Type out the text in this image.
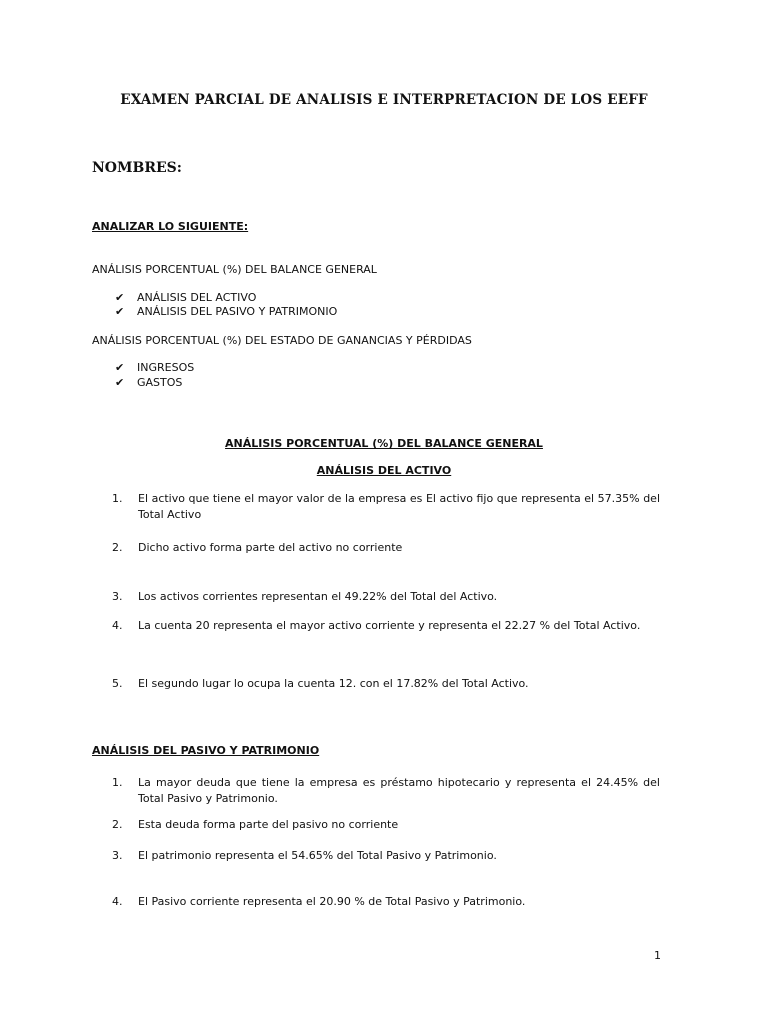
EXAMEN PARCIAL DE ANALISIS E INTERPRETACION DE LOS EEFF
NOMBRES:
ANALIZAR LO SIGUIENTE:
ANÁLISIS PORCENTUAL (%) DEL BALANCE GENERAL
✔ ANÁLISIS DEL ACTIVO
✔ ANÁLISIS DEL PASIVO Y PATRIMONIO
ANÁLISIS PORCENTUAL (%) DEL ESTADO DE GANANCIAS Y PÉRDIDAS
✔ INGRESOS
✔ GASTOS
ANÁLISIS PORCENTUAL (%) DEL BALANCE GENERAL
ANÁLISIS DEL ACTIVO
1. El activo que tiene el mayor valor de la empresa es El activo fijo que representa el 57.35% del Total Activo
2. Dicho activo forma parte del activo no corriente
3. Los activos corrientes representan el 49.22% del Total del Activo.
4. La cuenta 20 representa el mayor activo corriente y representa el 22.27 % del Total Activo.
5. El segundo lugar lo ocupa la cuenta 12. con el 17.82% del Total Activo.
ANÁLISIS DEL PASIVO Y PATRIMONIO
1. La mayor deuda que tiene la empresa es préstamo hipotecario y representa el 24.45% del Total Pasivo y Patrimonio.
2. Esta deuda forma parte del pasivo no corriente
3. El patrimonio representa el 54.65% del Total Pasivo y Patrimonio.
4. El Pasivo corriente representa el 20.90 % de Total Pasivo y Patrimonio.
1
